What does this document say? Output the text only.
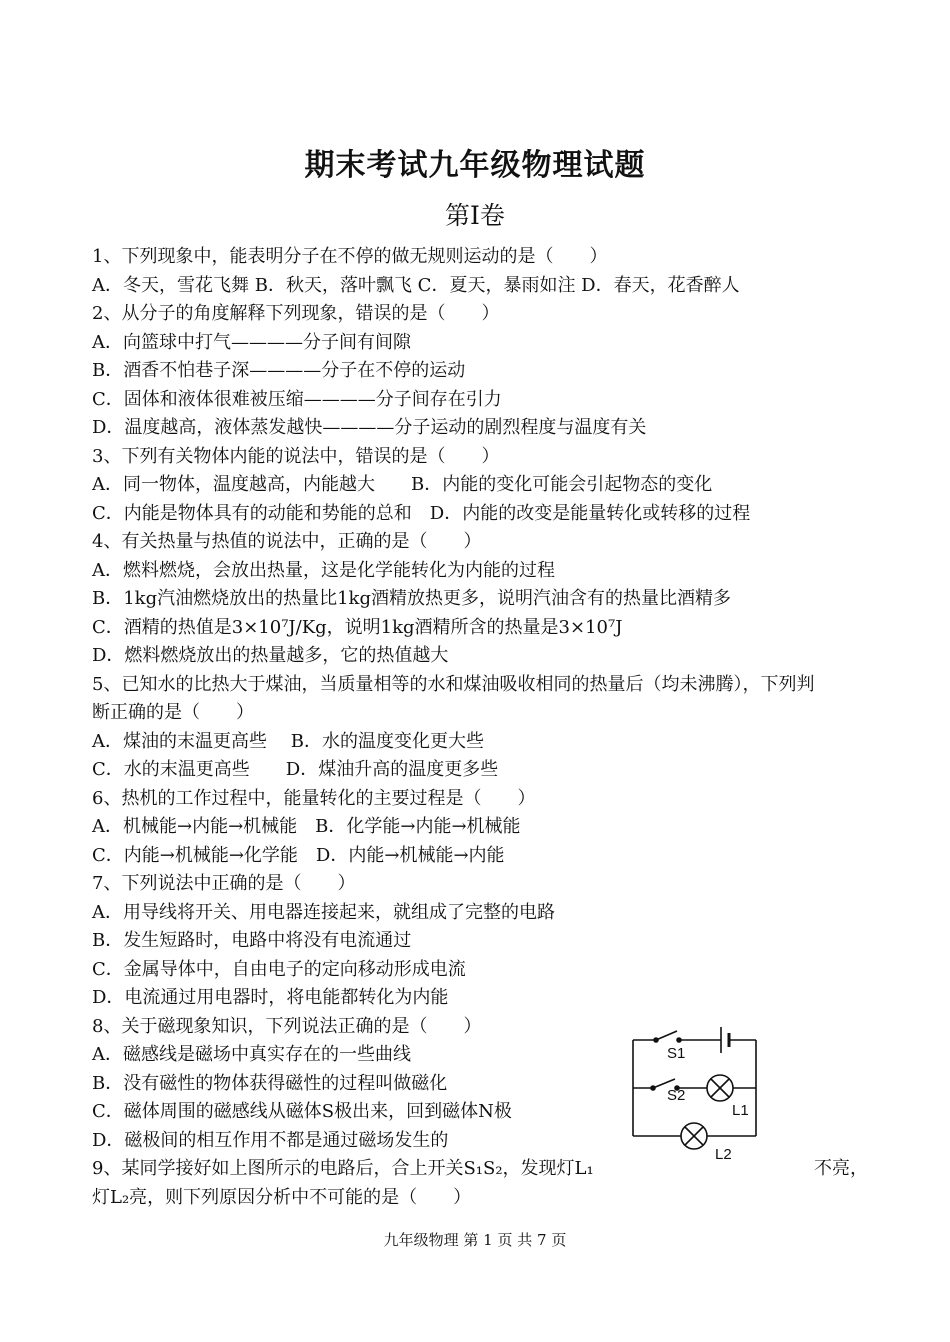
期末考试九年级物理试题
第Ⅰ卷
1、下列现象中，能表明分子在不停的做无规则运动的是（　　）
A．冬天，雪花飞舞 B．秋天，落叶飘飞 C．夏天，暴雨如注 D．春天，花香醉人
2、从分子的角度解释下列现象，错误的是（　　）
A．向篮球中打气————分子间有间隙
B．酒香不怕巷子深————分子在不停的运动
C．固体和液体很难被压缩————分子间存在引力
D．温度越高，液体蒸发越快————分子运动的剧烈程度与温度有关
3、下列有关物体内能的说法中，错误的是（　　）
A．同一物体，温度越高，内能越大　　B．内能的变化可能会引起物态的变化
C．内能是物体具有的动能和势能的总和　D．内能的改变是能量转化或转移的过程
4、有关热量与热值的说法中，正确的是（　　）
A．燃料燃烧，会放出热量，这是化学能转化为内能的过程
B．1kg汽油燃烧放出的热量比1kg酒精放热更多，说明汽油含有的热量比酒精多
C．酒精的热值是3×10⁷J/Kg，说明1kg酒精所含的热量是3×10⁷J
D．燃料燃烧放出的热量越多，它的热值越大
5、已知水的比热大于煤油，当质量相等的水和煤油吸收相同的热量后（均未沸腾），下列判
断正确的是（　　）
A．煤油的末温更高些　 B．水的温度变化更大些
C．水的末温更高些　　D．煤油升高的温度更多些
6、热机的工作过程中，能量转化的主要过程是（　　）
A．机械能→内能→机械能　B．化学能→内能→机械能
C．内能→机械能→化学能　D．内能→机械能→内能
7、下列说法中正确的是（　　）
A．用导线将开关、用电器连接起来，就组成了完整的电路
B．发生短路时，电路中将没有电流通过
C．金属导体中，自由电子的定向移动形成电流
D．电流通过用电器时，将电能都转化为内能
8、关于磁现象知识，下列说法正确的是（　　）
A．磁感线是磁场中真实存在的一些曲线
B．没有磁性的物体获得磁性的过程叫做磁化
C．磁体周围的磁感线从磁体S极出来，回到磁体N极
D．磁极间的相互作用不都是通过磁场发生的
9、某同学接好如上图所示的电路后，合上开关S₁S₂，发现灯L₁	不亮，
灯L₂亮，则下列原因分析中不可能的是（　　）
S1
S2
L1
L2
九年级物理 第 1 页 共 7 页
